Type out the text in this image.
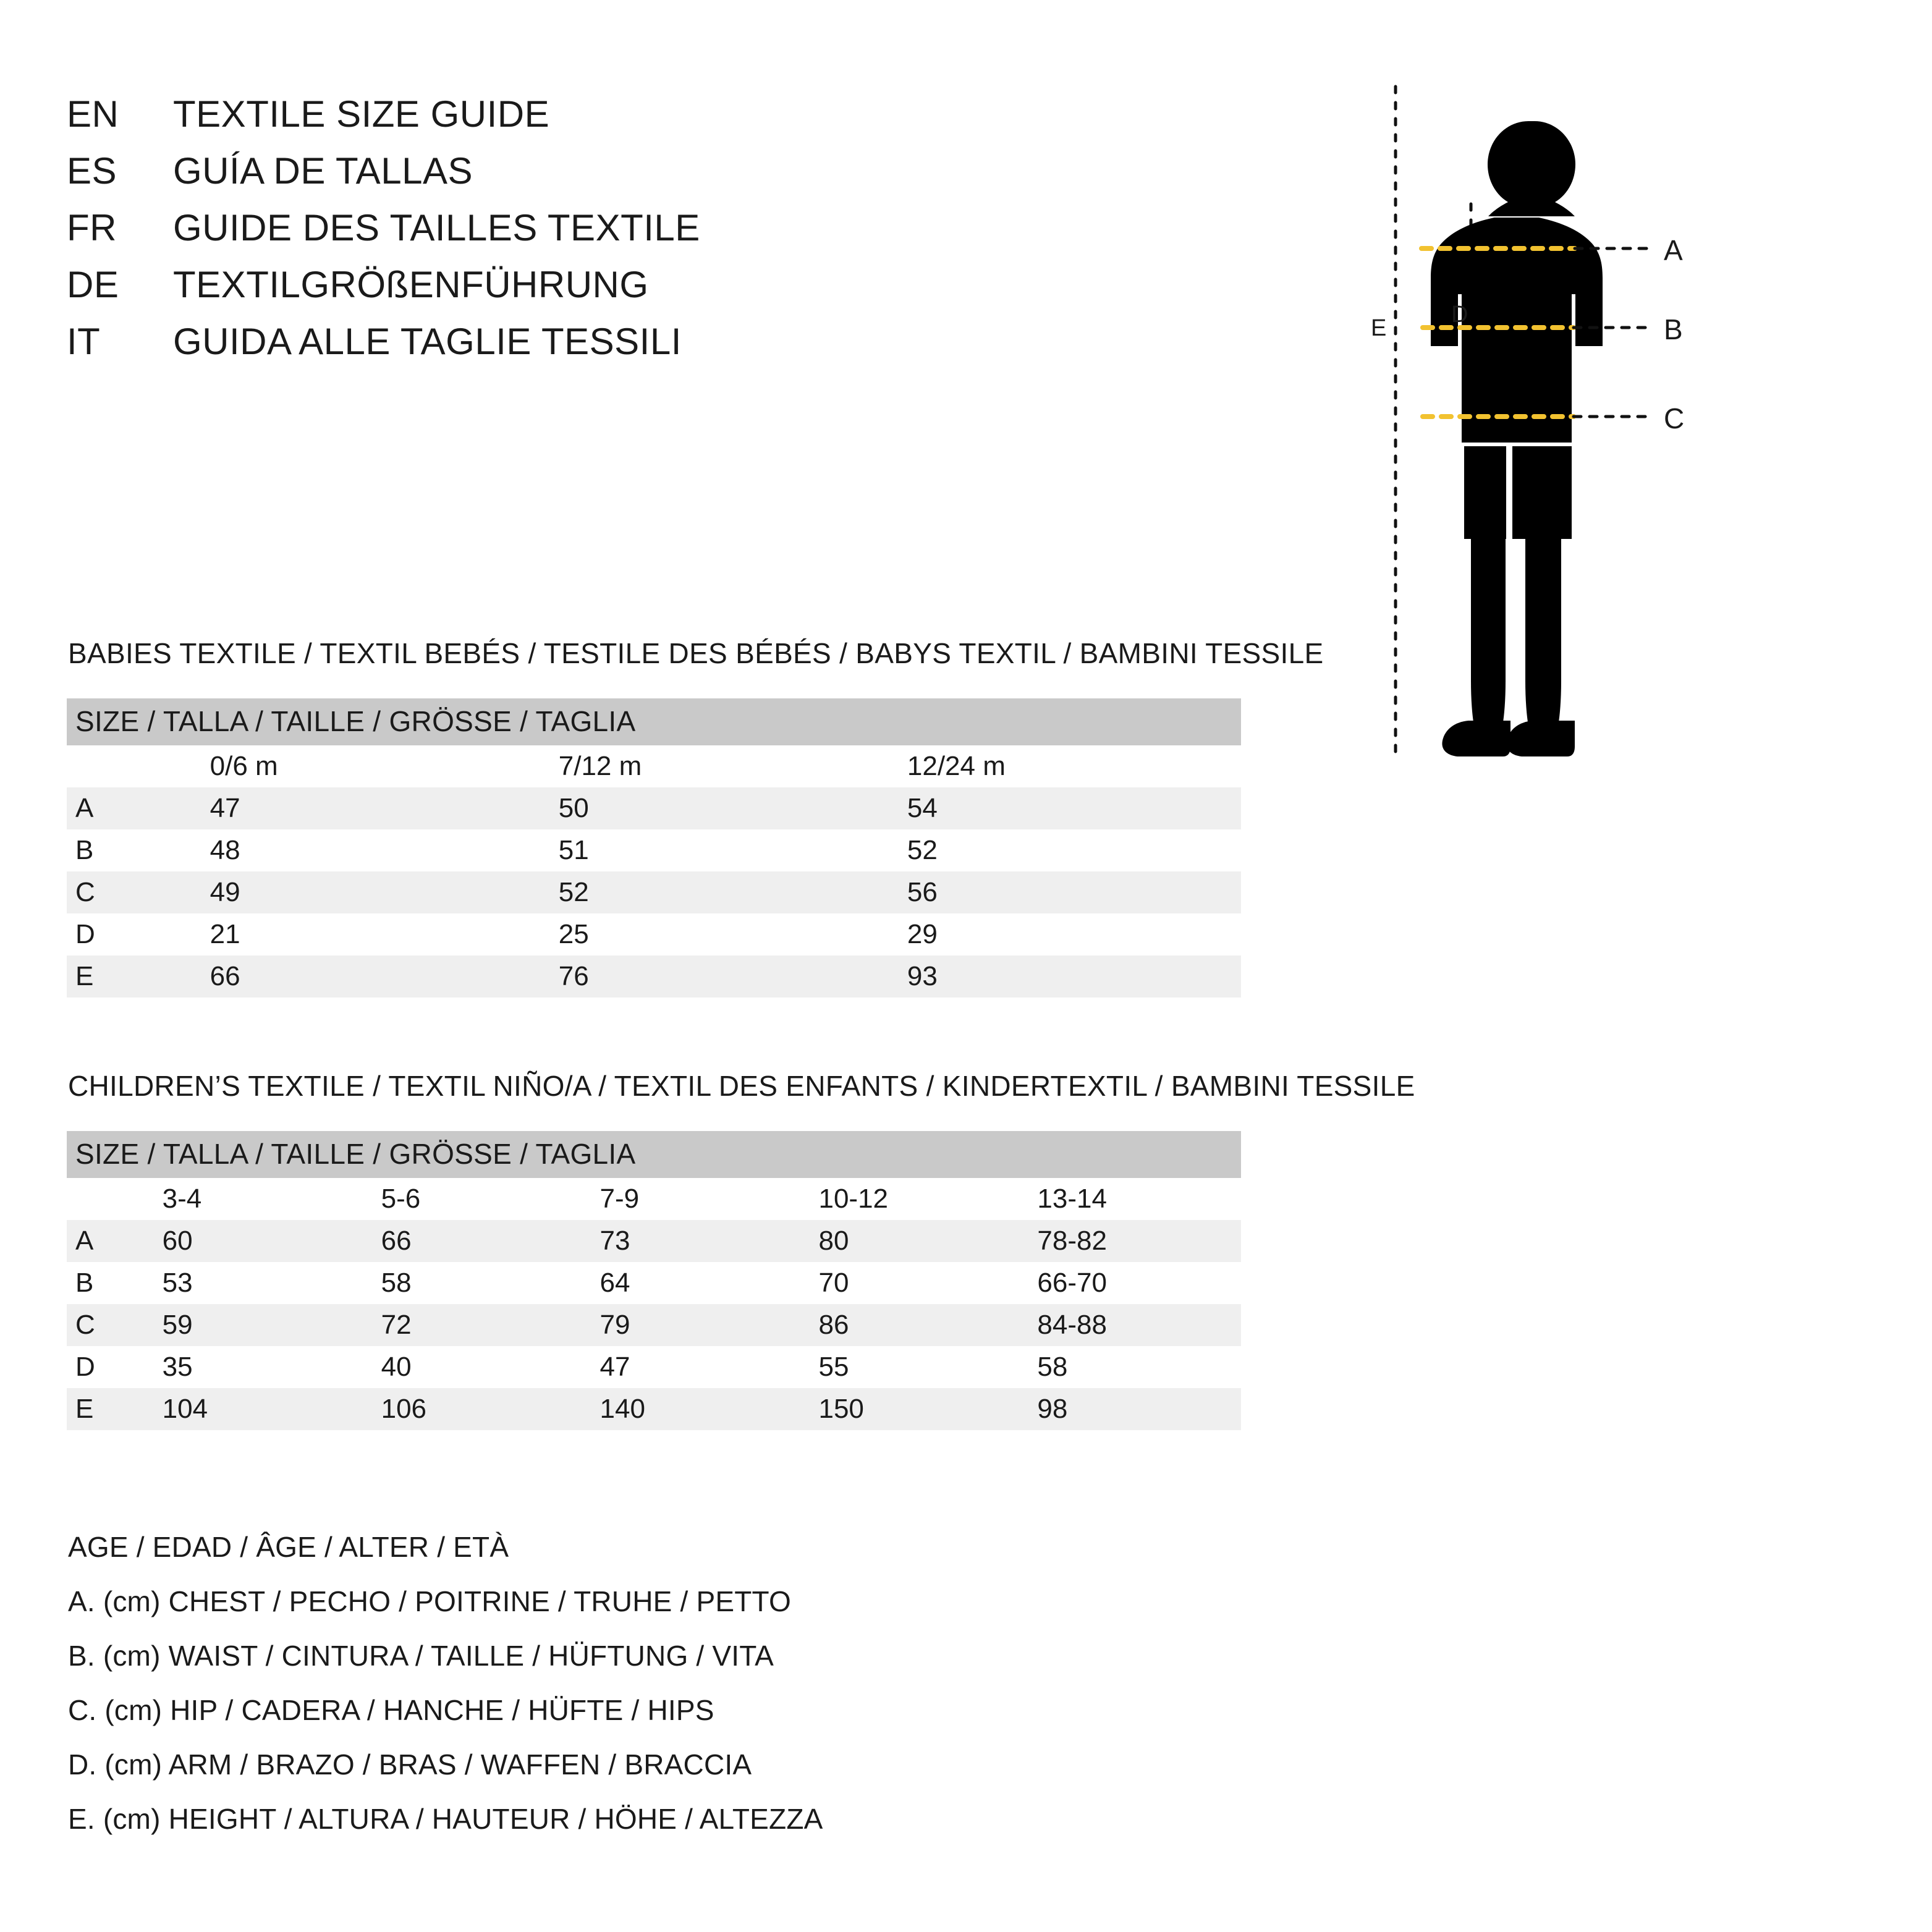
EN	TEXTILE SIZE GUIDE
ES	GUÍA DE TALLAS
FR	GUIDE DES TAILLES TEXTILE
DE	TEXTILGRÖßENFÜHRUNG
IT	GUIDA ALLE TAGLIE TESSILI
A
B
C
D
E
BABIES TEXTILE / TEXTIL BEBÉS / TESTILE DES BÉBÉS / BABYS TEXTIL / BAMBINI TESSILE
SIZE / TALLA / TAILLE / GRÖSSE / TAGLIA			
	0/6 m	7/12 m	12/24 m
A	47	50	54
B	48	51	52
C	49	52	56
D	21	25	29
E	66	76	93
CHILDREN’S TEXTILE / TEXTIL NIÑO/A / TEXTIL DES ENFANTS / KINDERTEXTIL / BAMBINI TESSILE
SIZE / TALLA / TAILLE / GRÖSSE / TAGLIA					
	3-4	5-6	7-9	10-12	13-14
A	60	66	73	80	78-82
B	53	58	64	70	66-70
C	59	72	79	86	84-88
D	35	40	47	55	58
E	104	106	140	150	98
AGE / EDAD / ÂGE / ALTER / ETÀ
A. (cm) CHEST / PECHO / POITRINE / TRUHE / PETTO
B. (cm) WAIST / CINTURA / TAILLE / HÜFTUNG / VITA
C. (cm) HIP / CADERA / HANCHE / HÜFTE / HIPS
D. (cm) ARM / BRAZO / BRAS / WAFFEN / BRACCIA
E. (cm) HEIGHT / ALTURA / HAUTEUR / HÖHE / ALTEZZA
